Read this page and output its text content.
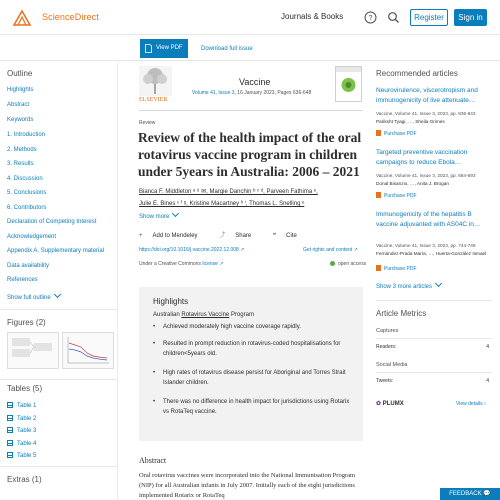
ScienceDirect	Journals & Books	?	Register	Sign in
View PDF	Download full issue
Outline
Highlights
Abstract
Keywords
1. Introduction
2. Methods
3. Results
4. Discussion
5. Conclusions
6. Contributors
Declaration of Competing Interest
Acknowledgement
Appendix A. Supplementary material
Data availability
References
Show full outline
Figures (2)
Tables (5)
Table 1
Table 2
Table 3
Table 4
Table 5
Extras (1)
ELSEVIER
Vaccine
Volume 41, Issue 3, 16 January 2023, Pages 636-648
Review
Review of the health impact of the oral rotavirus vaccine program in children under 5years in Australia: 2006 – 2021
Bianca F. Middleton ᵃ ⁸ ✉, Margie Danchin ᵇ ᶜ ᵈ, Parveen Fathima ᵉ,
Julie E. Bines ᶜ ᶠ ᵍ, Kristine Macartney ʰ ⁱ, Thomas L. Snelling ᵉ
Show more
+ Add to Mendeley	⤴ Share	❝ Cite
https://doi.org/10.1016/j.vaccine.2022.12.008 ↗	Get rights and content ↗
Under a Creative Commons license ↗	open access
Highlights
Australian Rotavirus Vaccine Program
•	Achieved moderately high vaccine coverage rapidly.
•	Resulted in prompt reduction in rotavirus-coded hospitalisations for children<5years old.
•	High rates of rotavirus disease persist for Aboriginal and Torres Strait Islander children.
•	There was no difference in health impact for jurisdictions using Rotarix vs RotaTeq vaccine.
Abstract
Oral rotavirus vaccines were incorporated into the National Immunisation Program (NIP) for all Australian infants in July 2007. Initially each of the eight jurisdictions implemented Rotarix or RotaTeq
Recommended articles
Neurovirulence, viscerotropism and immunogenicity of live attenuate…
Vaccine, Volume 41, Issue 3, 2023, pp. 836-843
Pariksht Tyagi, …, Sheila Grimes
Purchase PDF
Targeted preventive vaccination campaigns to reduce Ebola…
Vaccine, Volume 41, Issue 3, 2023, pp. 684-693
Donal Bisanzio, …, Anita J. Brogan
Purchase PDF
Immunogenicity of the hepatitis B vaccine adjuvanted with AS04C in…
Vaccine, Volume 41, Issue 3, 2023, pp. 744-749
Fernández-Prada María, …, Huerta-González Ismael
Purchase PDF
Show 3 more articles
Article Metrics
Captures
Readers:	4
Social Media
Tweets:	4
✿ PLUMX	View details ›
FEEDBACK 💬
